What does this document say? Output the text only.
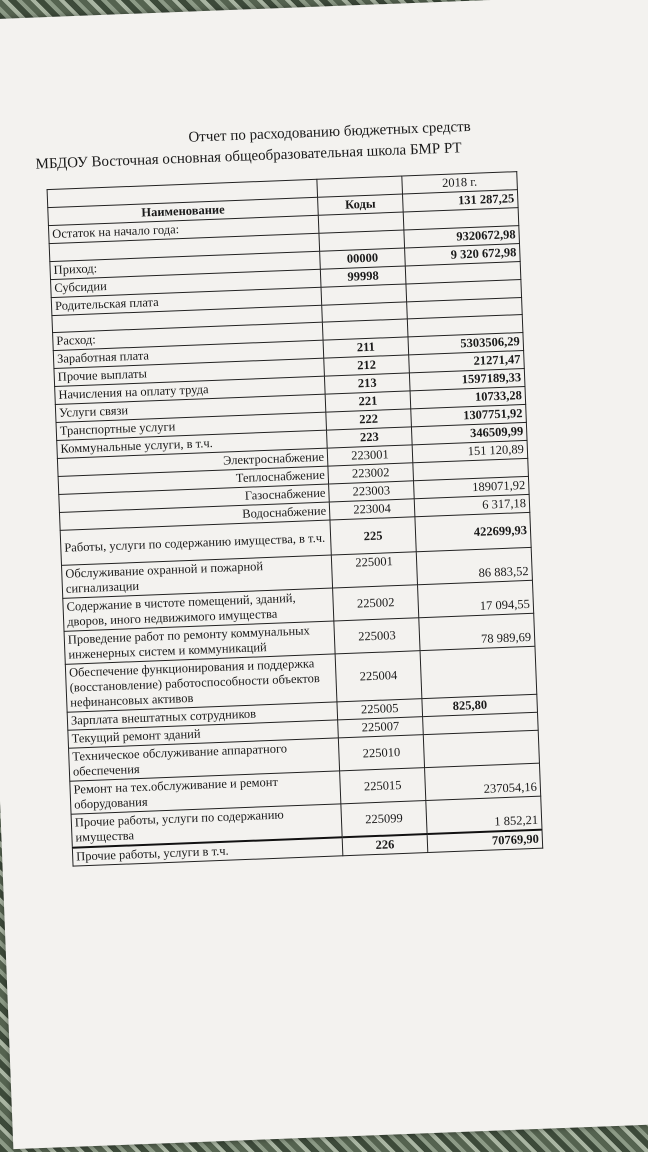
Отчет по расходованию бюджетных средств
МБДОУ Восточная основная общеобразовательная школа БМР РТ
		2018 г.
Наименование	Коды	131 287,25
Остаток на начало года:		
		9320672,98
Приход:	00000	9 320 672,98
Субсидии	99998	
Родительская плата		

Расход:		
Заработная плата	211	5303506,29
Прочие выплаты	212	21271,47
Начисления на оплату труда	213	1597189,33
Услуги связи	221	10733,28
Транспортные услуги	222	1307751,92
Коммунальные услуги, в т.ч.	223	346509,99
Электроснабжение	223001	151 120,89
Теплоснабжение	223002	
Газоснабжение	223003	189071,92
Водоснабжение	223004	6 317,18
Работы, услуги по содержанию имущества, в т.ч.	225	422699,93
Обслуживание охранной и пожарной сигнализации	225001	86 883,52
Содержание в чистоте помещений, зданий, дворов, иного недвижимого имущества	225002	17 094,55
Проведение работ по ремонту коммунальных инженерных систем и коммуникаций	225003	78 989,69
Обеспечение функционирования и поддержка (восстановление) работоспособности объектов нефинансовых активов	225004	
Зарплата внештатных сотрудников	225005	825,80
Текущий ремонт зданий	225007	
Техническое обслуживание аппаратного обеспечения	225010	
Ремонт на тех.обслуживание и ремонт оборудования	225015	237054,16
Прочие работы, услуги по содержанию имущества	225099	1 852,21
Прочие работы, услуги в т.ч.	226	70769,90
